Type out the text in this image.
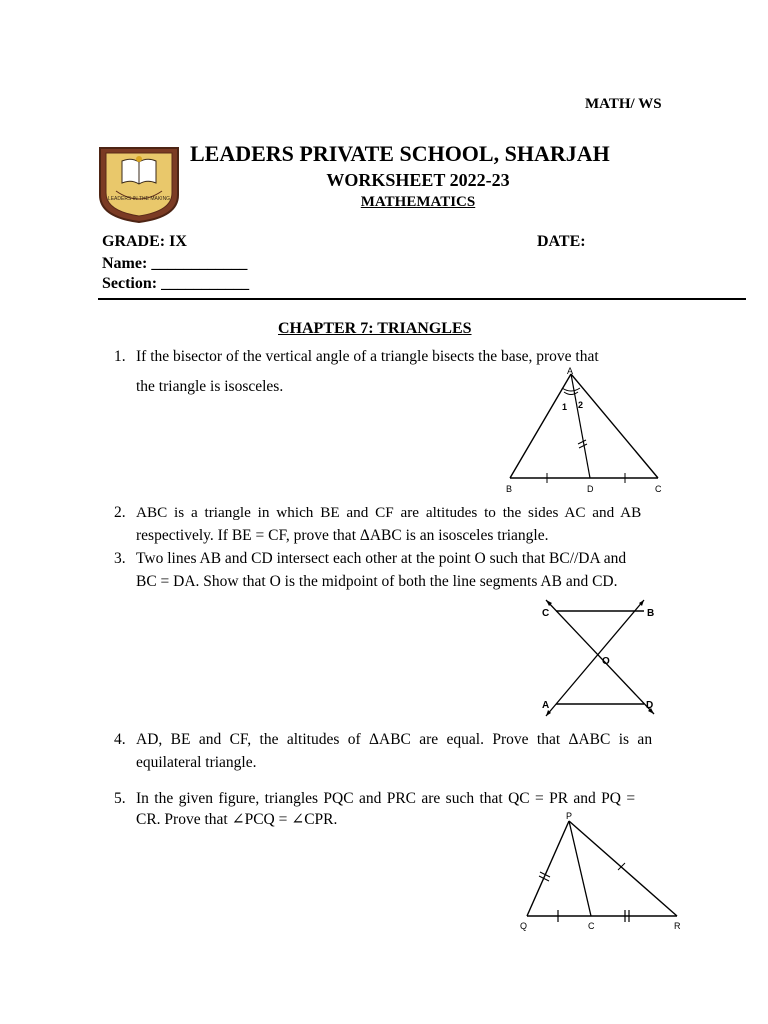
MATH/ WS
LEADERS IN THE MAKING
LEADERS PRIVATE SCHOOL, SHARJAH
WORKSHEET 2022-23
MATHEMATICS
GRADE: IX
Name: ____________
Section: ___________
DATE:
CHAPTER 7: TRIANGLES
1. If the bisector of the vertical angle of a triangle bisects the base, prove that
the triangle is isosceles.
A
1 2
B	D	C
2. ABC is a triangle in which BE and CF are altitudes to the sides AC and AB
respectively. If BE = CF, prove that ΔABC is an isosceles triangle.
3. Two lines AB and CD intersect each other at the point O such that BC//DA and
BC = DA. Show that O is the midpoint of both the line segments AB and CD.
C	B
O
A	D
4. AD, BE and CF, the altitudes of ΔABC are equal. Prove that ΔABC is an
equilateral triangle.
5. In the given figure, triangles PQC and PRC are such that QC = PR and PQ =
CR. Prove that ∠PCQ = ∠CPR.	P
Q	C	R
